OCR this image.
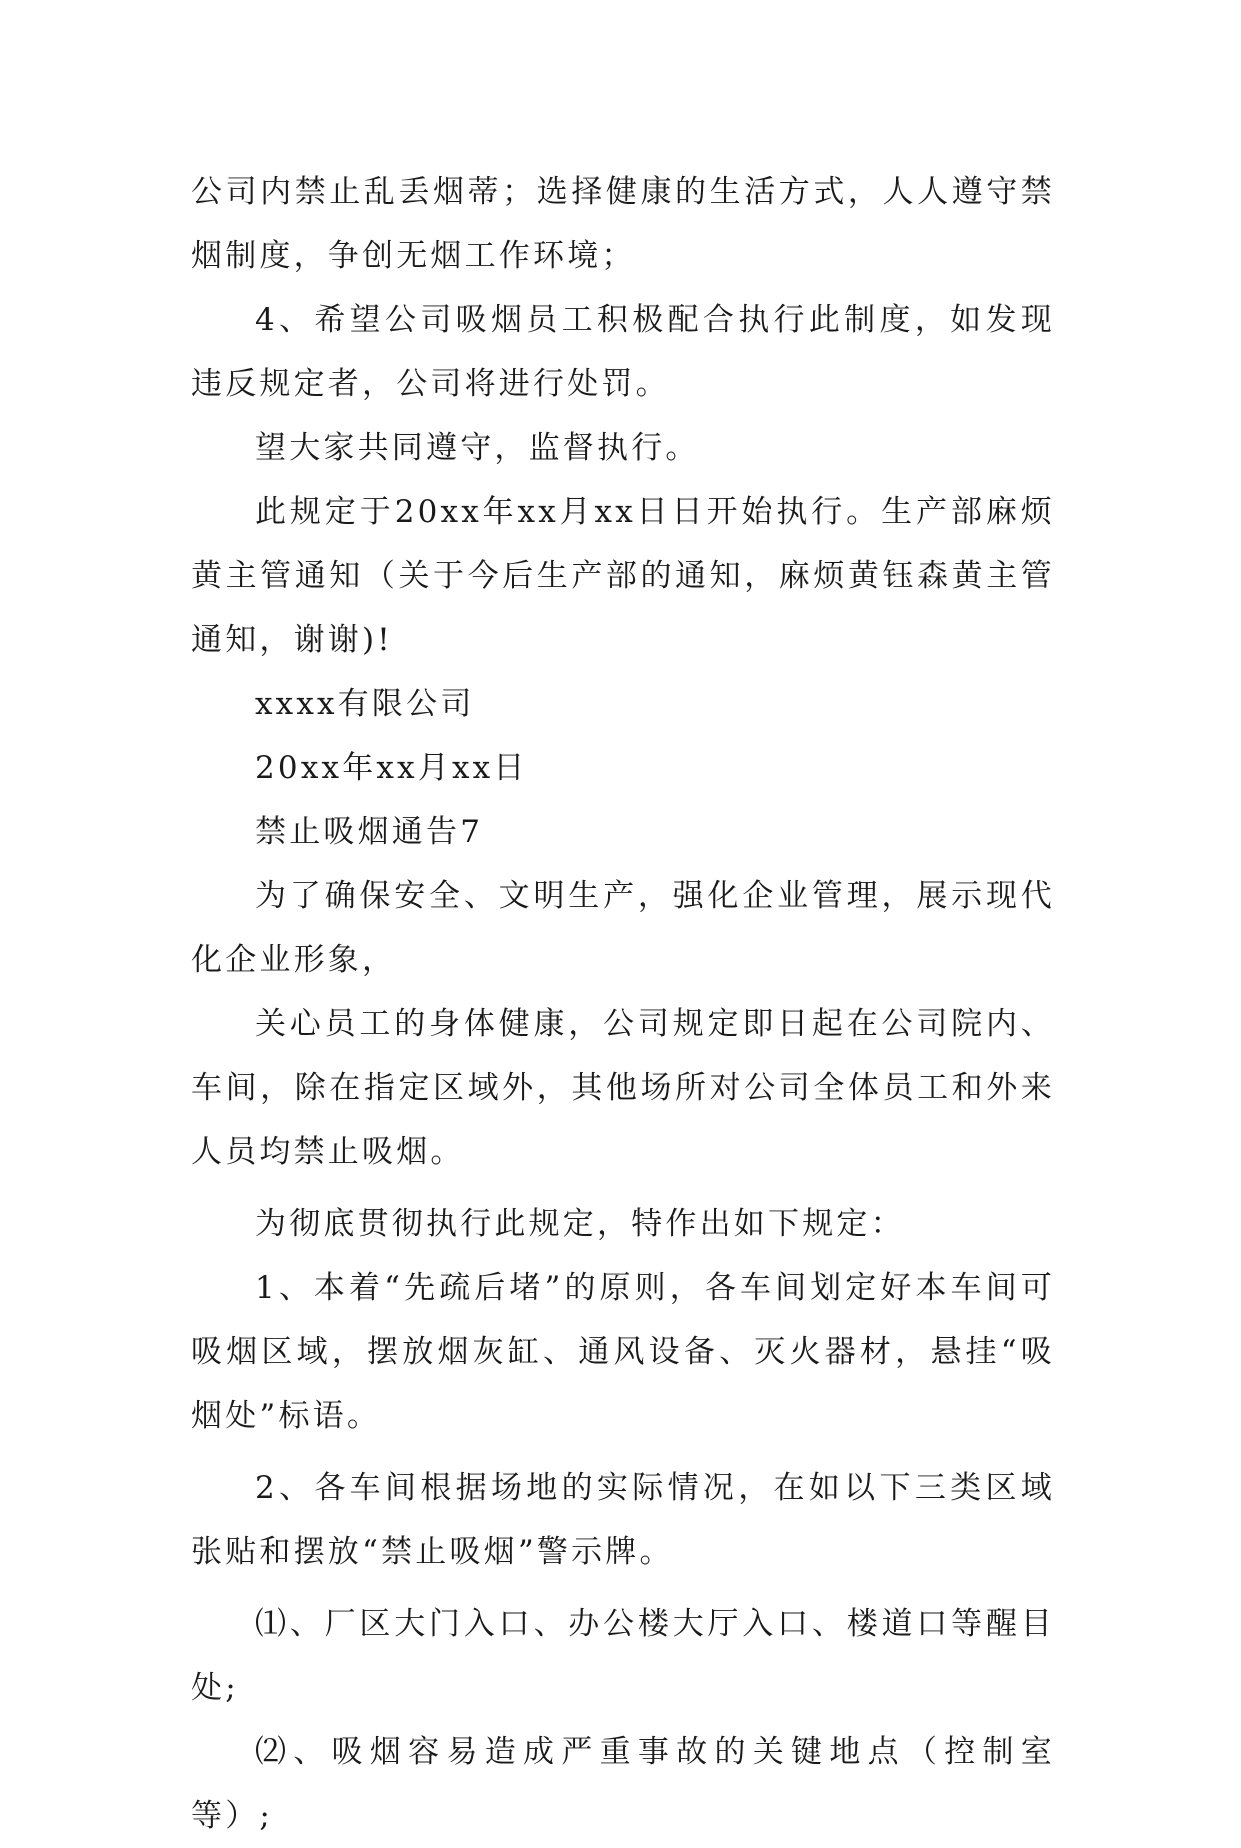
公司内禁止乱丢烟蒂；选择健康的生活方式，人人遵守禁烟制度，争创无烟工作环境；

4、希望公司吸烟员工积极配合执行此制度，如发现违反规定者，公司将进行处罚。

望大家共同遵守，监督执行。

此规定于20xx年xx月xx日日开始执行。生产部麻烦黄主管通知（关于今后生产部的通知，麻烦黄钰森黄主管通知，谢谢)!

xxxx有限公司

20xx年xx月xx日

禁止吸烟通告7

为了确保安全、文明生产，强化企业管理，展示现代化企业形象，

关心员工的身体健康，公司规定即日起在公司院内、车间，除在指定区域外，其他场所对公司全体员工和外来人员均禁止吸烟。

为彻底贯彻执行此规定，特作出如下规定：

1、本着“先疏后堵”的原则，各车间划定好本车间可吸烟区域，摆放烟灰缸、通风设备、灭火器材，悬挂“吸烟处”标语。

2、各车间根据场地的实际情况，在如以下三类区域张贴和摆放“禁止吸烟”警示牌。

⑴、厂区大门入口、办公楼大厅入口、楼道口等醒目处;

⑵、吸烟容易造成严重事故的关键地点（控制室等）;
